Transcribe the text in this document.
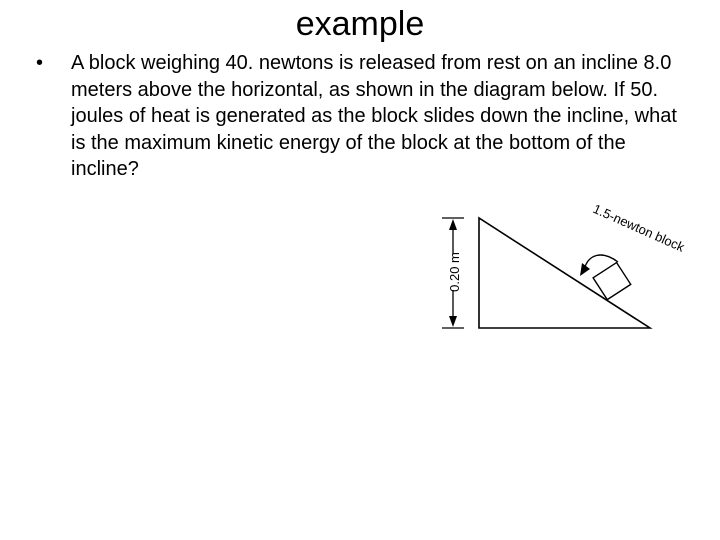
example
• A block weighing 40. newtons is released from rest on an incline 8.0 meters above the horizontal, as shown in the diagram below. If 50. joules of heat is generated as the block slides down the incline, what is the maximum kinetic energy of the block at the bottom of the incline?

0.20 m
1.5-newton block
